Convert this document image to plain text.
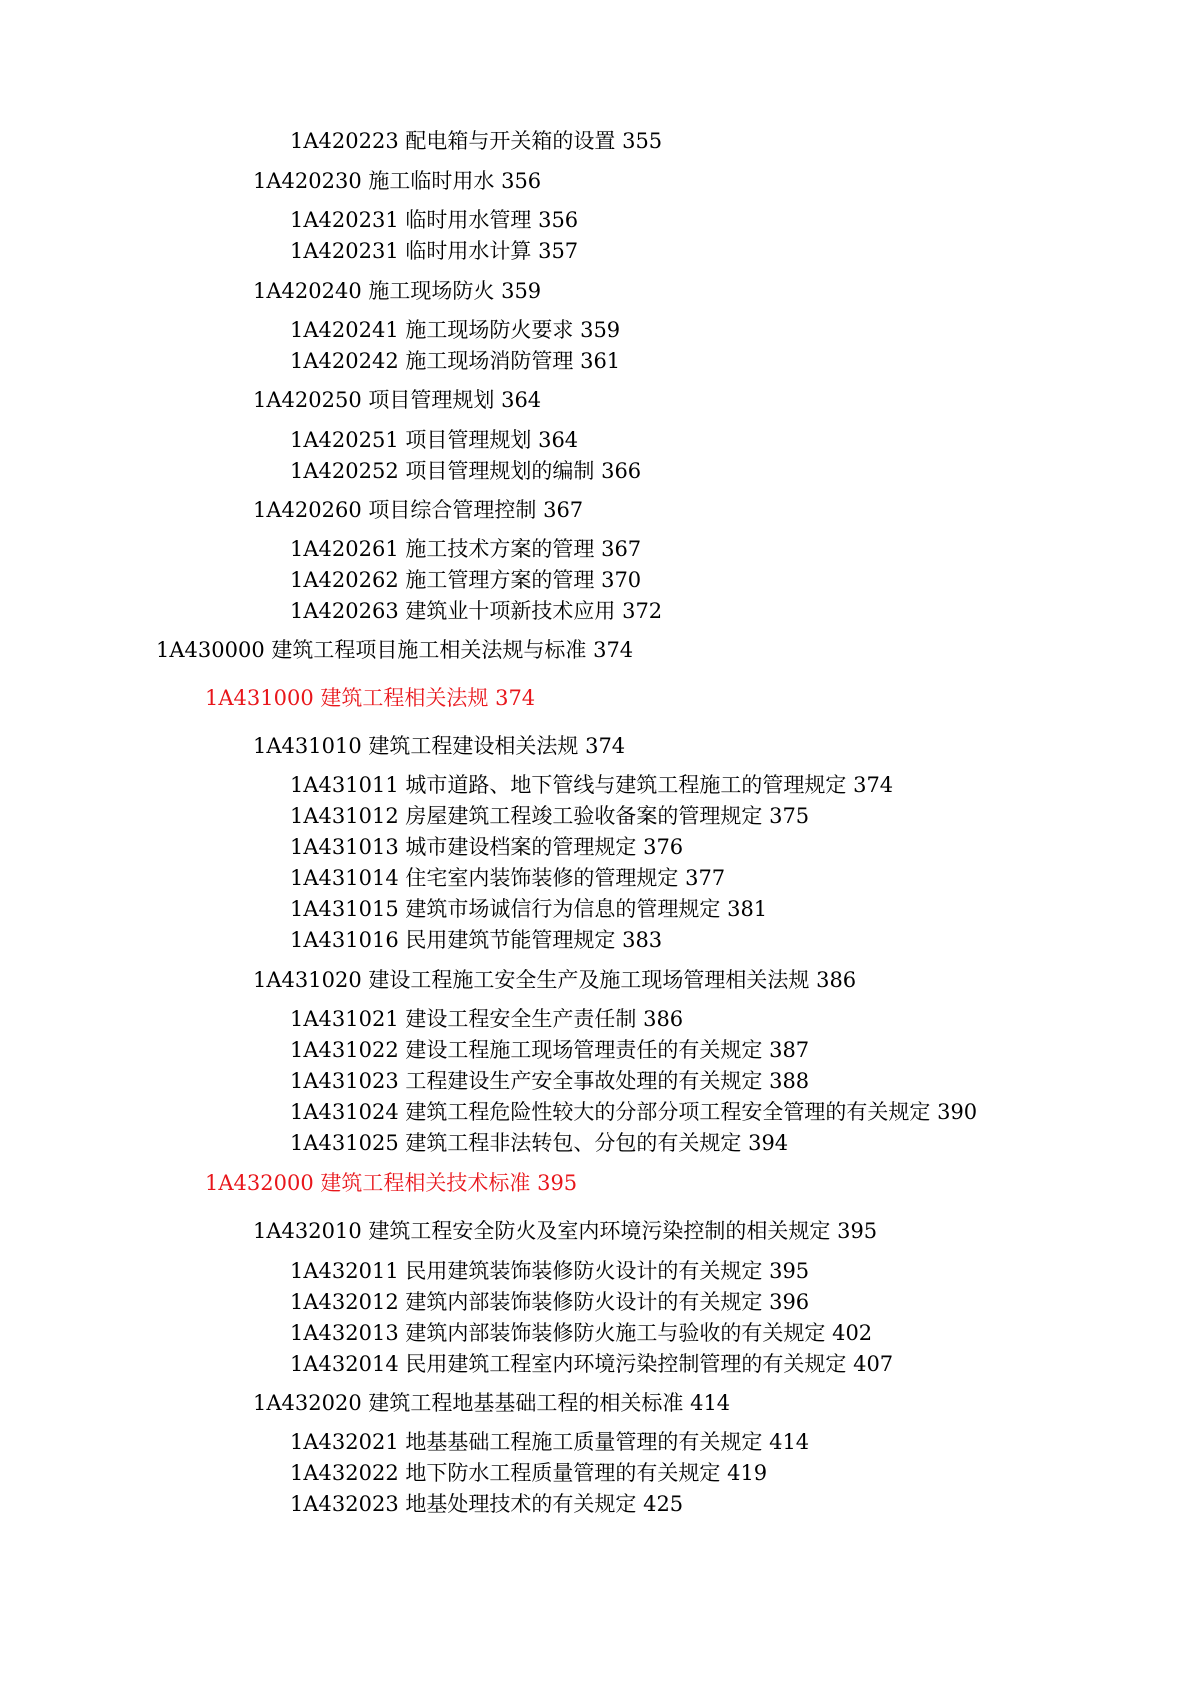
1A420223 配电箱与开关箱的设置 355
1A420230 施工临时用水 356
1A420231 临时用水管理 356
1A420231 临时用水计算 357
1A420240 施工现场防火 359
1A420241 施工现场防火要求 359
1A420242 施工现场消防管理 361
1A420250 项目管理规划 364
1A420251 项目管理规划 364
1A420252 项目管理规划的编制 366
1A420260 项目综合管理控制 367
1A420261 施工技术方案的管理 367
1A420262 施工管理方案的管理 370
1A420263 建筑业十项新技术应用 372
1A430000 建筑工程项目施工相关法规与标准 374
1A431000 建筑工程相关法规 374
1A431010 建筑工程建设相关法规 374
1A431011 城市道路、地下管线与建筑工程施工的管理规定 374
1A431012 房屋建筑工程竣工验收备案的管理规定 375
1A431013 城市建设档案的管理规定 376
1A431014 住宅室内装饰装修的管理规定 377
1A431015 建筑市场诚信行为信息的管理规定 381
1A431016 民用建筑节能管理规定 383
1A431020 建设工程施工安全生产及施工现场管理相关法规 386
1A431021 建设工程安全生产责任制 386
1A431022 建设工程施工现场管理责任的有关规定 387
1A431023 工程建设生产安全事故处理的有关规定 388
1A431024 建筑工程危险性较大的分部分项工程安全管理的有关规定 390
1A431025 建筑工程非法转包、分包的有关规定 394
1A432000 建筑工程相关技术标准 395
1A432010 建筑工程安全防火及室内环境污染控制的相关规定 395
1A432011 民用建筑装饰装修防火设计的有关规定 395
1A432012 建筑内部装饰装修防火设计的有关规定 396
1A432013 建筑内部装饰装修防火施工与验收的有关规定 402
1A432014 民用建筑工程室内环境污染控制管理的有关规定 407
1A432020 建筑工程地基基础工程的相关标准 414
1A432021 地基基础工程施工质量管理的有关规定 414
1A432022 地下防水工程质量管理的有关规定 419
1A432023 地基处理技术的有关规定 425
